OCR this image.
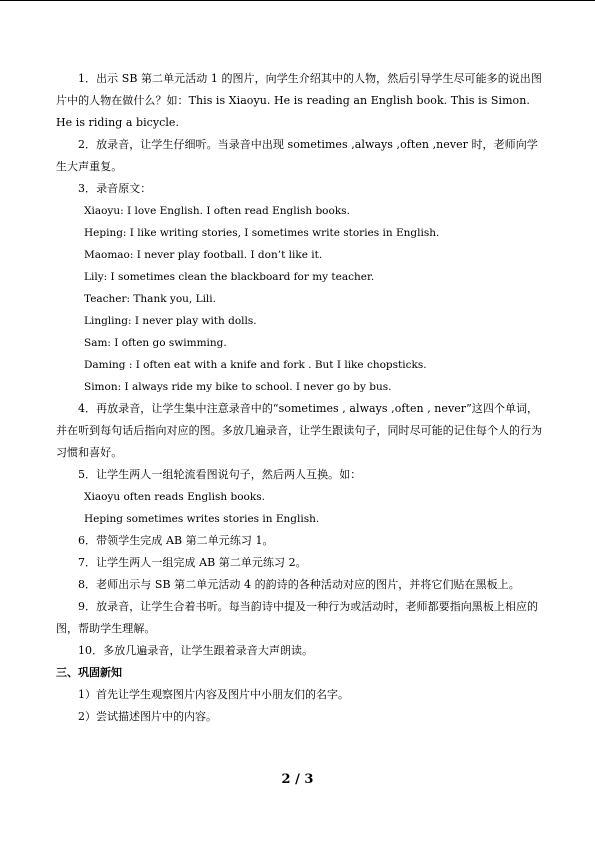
1．出示 SB 第二单元活动 1 的图片，向学生介绍其中的人物，然后引导学生尽可能多的说出图片中的人物在做什么？如：This is Xiaoyu. He is reading an English book. This is Simon. He is riding a bicycle.

2．放录音，让学生仔细听。当录音中出现 sometimes ,always ,often ,never 时，老师向学生大声重复。

3．录音原文：

Xiaoyu: I love English. I often read English books.

Heping: I like writing stories, I sometimes write stories in English.

Maomao: I never play football. I don’t like it.

Lily: I sometimes clean the blackboard for my teacher.

Teacher: Thank you, Lili.

Lingling: I never play with dolls.

Sam: I often go swimming.

Daming : I often eat with a knife and fork . But I like chopsticks.

Simon: I always ride my bike to school. I never go by bus.

4．再放录音，让学生集中注意录音中的“sometimes , always ,often , never”这四个单词，并在听到每句话后指向对应的图。多放几遍录音，让学生跟读句子，同时尽可能的记住每个人的行为习惯和喜好。

5．让学生两人一组轮流看图说句子，然后两人互换。如：

Xiaoyu often reads English books.

Heping sometimes writes stories in English.

6．带领学生完成 AB 第二单元练习 1。

7．让学生两人一组完成 AB 第二单元练习 2。

8．老师出示与 SB 第二单元活动 4 的韵诗的各种活动对应的图片，并将它们贴在黑板上。

9．放录音，让学生合着书听。每当韵诗中提及一种行为或活动时，老师都要指向黑板上相应的图，帮助学生理解。

10．多放几遍录音，让学生跟着录音大声朗读。

三、巩固新知

1）首先让学生观察图片内容及图片中小朋友们的名字。

2）尝试描述图片中的内容。

2 / 3
